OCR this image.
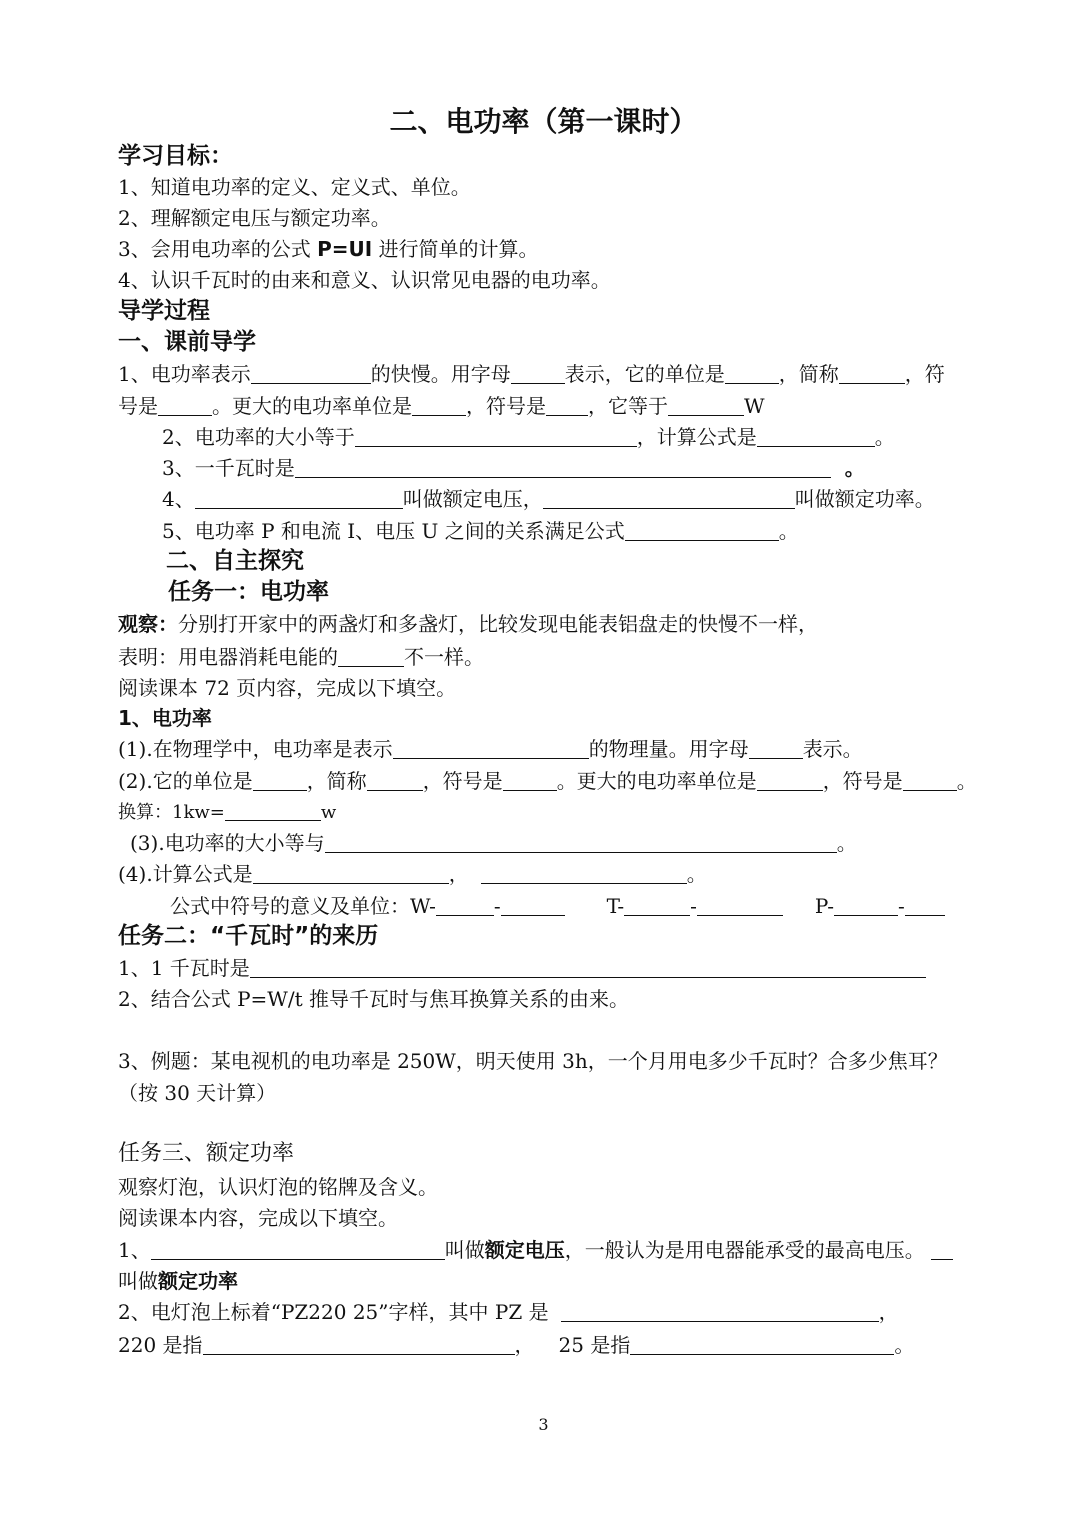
二、电功率（第一课时）
学习目标：
1、知道电功率的定义、定义式、单位。
2、理解额定电压与额定功率。
3、会用电功率的公式 P=UI 进行简单的计算。
4、认识千瓦时的由来和意义、认识常见电器的电功率。
导学过程
一、课前导学
1、电功率表示	的快慢。用字母	表示，它的单位是	，简称	，符
号是	。更大的电功率单位是	，符号是 ，它等于	W
2、电功率的大小等于	，计算公式是	。
3、一千瓦时是	。
4、	叫做额定电压，	叫做额定功率。
5、电功率 P 和电流 I、电压 U 之间的关系满足公式	。
二、自主探究
任务一：电功率
观察：分别打开家中的两盏灯和多盏灯，比较发现电能表铝盘走的快慢不一样，
表明：用电器消耗电能的	不一样。
阅读课本 72 页内容，完成以下填空。
1、电功率
(1).在物理学中，电功率是表示	的物理量。用字母	表示。
(2).它的单位是	，简称	，符号是	。更大的电功率单位是	，符号是	。
换算：1kw=	w
(3).电功率的大小等与	。
(4).计算公式是	，	。
公式中符号的意义及单位：W-	-	T-	-	P-	-
任务二：“千瓦时”的来历
1、1 千瓦时是
2、结合公式 P=W/t 推导千瓦时与焦耳换算关系的由来。
3、例题：某电视机的电功率是 250W，明天使用 3h，一个月用电多少千瓦时？合多少焦耳？
（按 30 天计算）
任务三、额定功率
观察灯泡，认识灯泡的铭牌及含义。
阅读课本内容，完成以下填空。
1、	叫做额定电压，一般认为是用电器能承受的最高电压。
叫做额定功率
2、电灯泡上标着“PZ220 25”字样，其中 PZ 是	，
220 是指	， 25 是指	。
3
